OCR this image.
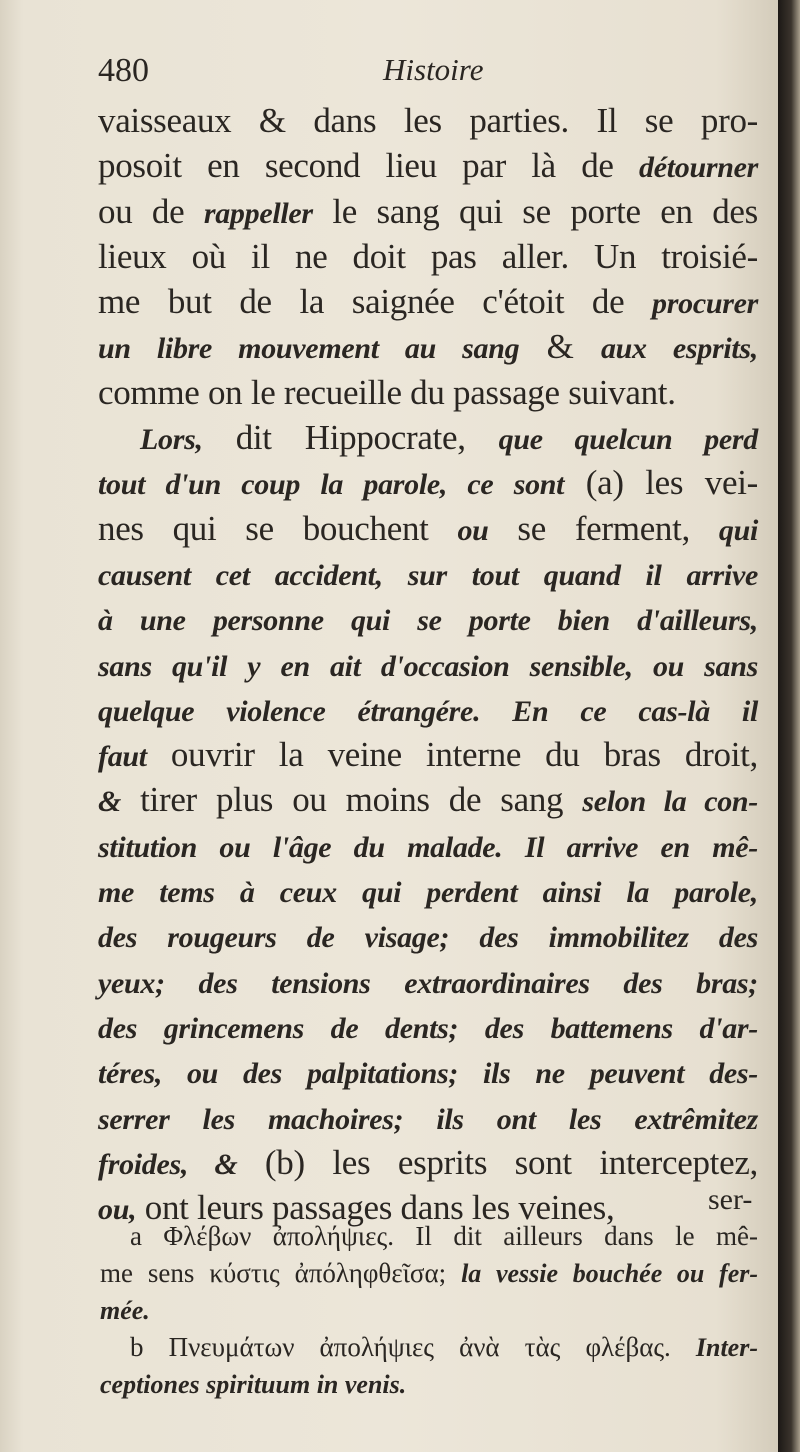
480	Histoire
vaisseaux & dans les parties. Il se pro-
posoit en second lieu par là de détourner
ou de rappeller le sang qui se porte en des
lieux où il ne doit pas aller. Un troisié-
me but de la saignée c'étoit de procurer
un libre mouvement au sang & aux esprits,
comme on le recueille du passage suivant.
Lors, dit Hippocrate, que quelcun perd
tout d'un coup la parole, ce sont (a) les vei-
nes qui se bouchent ou se ferment, qui
causent cet accident, sur tout quand il arrive
à une personne qui se porte bien d'ailleurs,
sans qu'il y en ait d'occasion sensible, ou sans
quelque violence étrangére. En ce cas-là il
faut ouvrir la veine interne du bras droit,
& tirer plus ou moins de sang selon la con-
stitution ou l'âge du malade. Il arrive en mê-
me tems à ceux qui perdent ainsi la parole,
des rougeurs de visage; des immobilitez des
yeux; des tensions extraordinaires des bras;
des grincemens de dents; des battemens d'ar-
téres, ou des palpitations; ils ne peuvent des-
serrer les machoires; ils ont les extrêmitez
froides, & (b) les esprits sont interceptez,
ou, ont leurs passages dans les veines,	ser-
a Φλέβων ἀπολήψιες. Il dit ailleurs dans le mê-
me sens κύστις ἀπόληφθεῖσα; la vessie bouchée ou fer-
mée.
b Πνευμάτων ἀπολήψιες ἀνὰ τὰς φλέβας. Inter-
ceptiones spirituum in venis.
